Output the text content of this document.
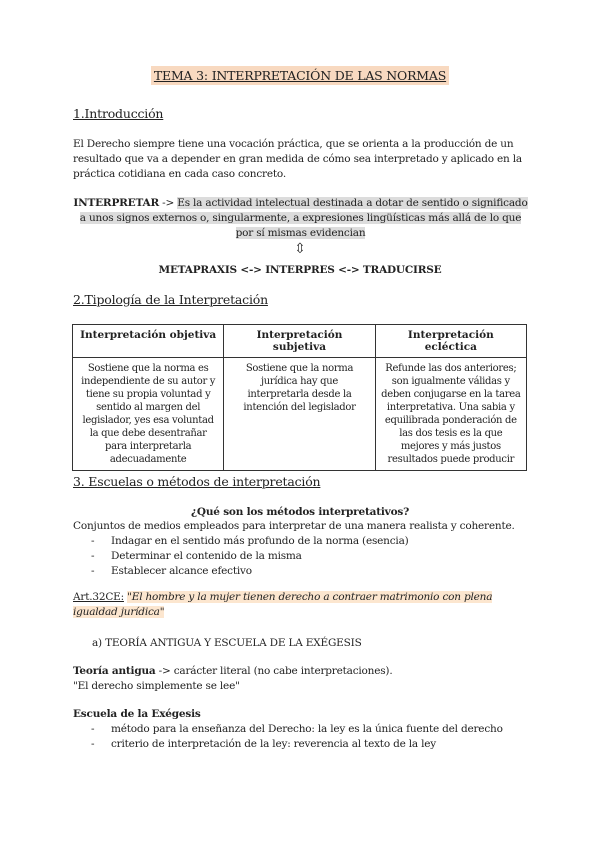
TEMA 3: INTERPRETACIÓN DE LAS NORMAS
1.Introducción
El Derecho siempre tiene una vocación práctica, que se orienta a la producción de un resultado que va a depender en gran medida de cómo sea interpretado y aplicado en la práctica cotidiana en cada caso concreto.
INTERPRETAR -> Es la actividad intelectual destinada a dotar de sentido o significado a unos signos externos o, singularmente, a expresiones lingüísticas más allá de lo que por sí mismas evidencian
⇳
METAPRAXIS <-> INTERPRES <-> TRADUCIRSE
2.Tipología de la Interpretación
Interpretación objetiva	Interpretación subjetiva	Interpretación ecléctica
Sostiene que la norma es independiente de su autor y tiene su propia voluntad y sentido al margen del legislador, yes esa voluntad la que debe desentrañar para interpretarla adecuadamente	Sostiene que la norma jurídica hay que interpretarla desde la intención del legislador	Refunde las dos anteriores; son igualmente válidas y deben conjugarse en la tarea interpretativa. Una sabia y equilibrada ponderación de las dos tesis es la que mejores y más justos resultados puede producir
3. Escuelas o métodos de interpretación
¿Qué son los métodos interpretativos?
Conjuntos de medios empleados para interpretar de una manera realista y coherente.
- Indagar en el sentido más profundo de la norma (esencia)
- Determinar el contenido de la misma
- Establecer alcance efectivo
Art.32CE: "El hombre y la mujer tienen derecho a contraer matrimonio con plena igualdad jurídica"
a) TEORÍA ANTIGUA Y ESCUELA DE LA EXÉGESIS
Teoría antigua -> carácter literal (no cabe interpretaciones).
"El derecho simplemente se lee"
Escuela de la Exégesis
- método para la enseñanza del Derecho: la ley es la única fuente del derecho
- criterio de interpretación de la ley: reverencia al texto de la ley
